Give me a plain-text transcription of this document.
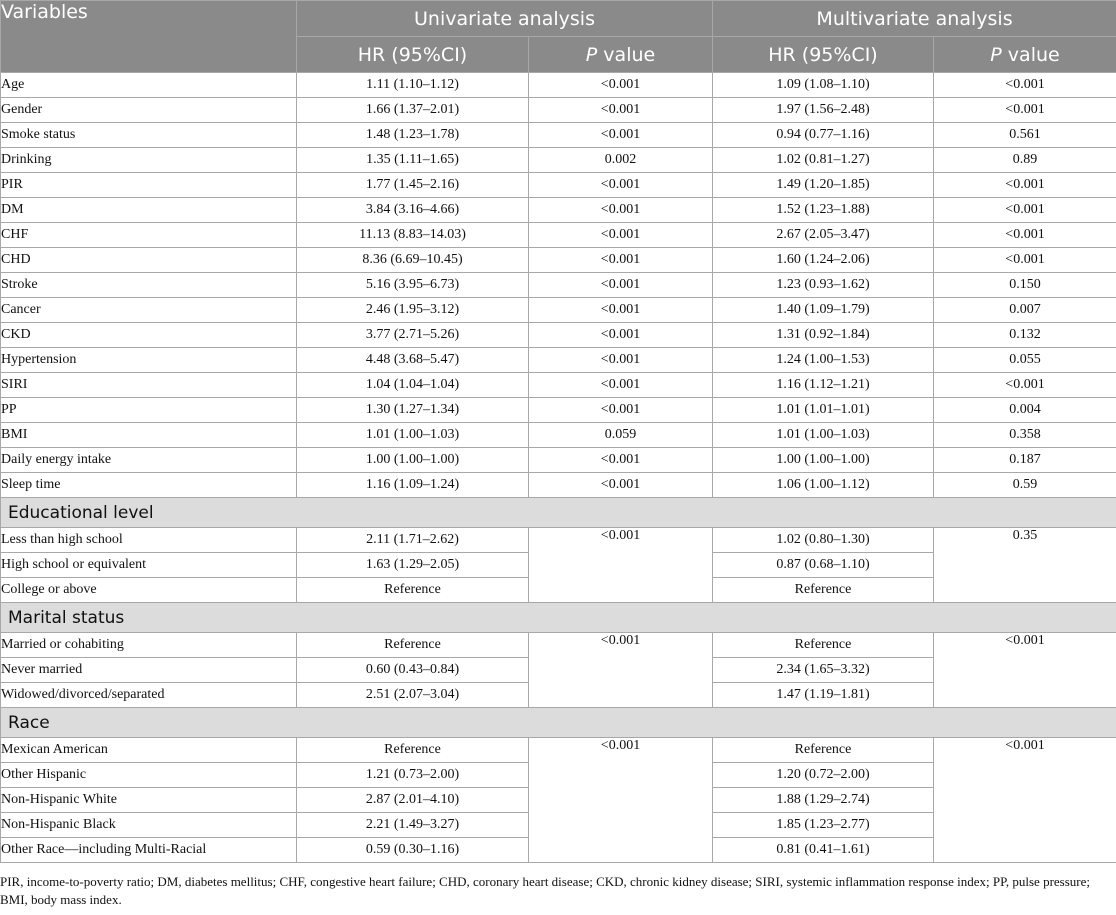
Variables	Univariate analysis		Multivariate analysis	
	HR (95%CI)	P value	HR (95%CI)	P value
Age	1.11 (1.10–1.12)	<0.001	1.09 (1.08–1.10)	<0.001
Gender	1.66 (1.37–2.01)	<0.001	1.97 (1.56–2.48)	<0.001
Smoke status	1.48 (1.23–1.78)	<0.001	0.94 (0.77–1.16)	0.561
Drinking	1.35 (1.11–1.65)	0.002	1.02 (0.81–1.27)	0.89
PIR	1.77 (1.45–2.16)	<0.001	1.49 (1.20–1.85)	<0.001
DM	3.84 (3.16–4.66)	<0.001	1.52 (1.23–1.88)	<0.001
CHF	11.13 (8.83–14.03)	<0.001	2.67 (2.05–3.47)	<0.001
CHD	8.36 (6.69–10.45)	<0.001	1.60 (1.24–2.06)	<0.001
Stroke	5.16 (3.95–6.73)	<0.001	1.23 (0.93–1.62)	0.150
Cancer	2.46 (1.95–3.12)	<0.001	1.40 (1.09–1.79)	0.007
CKD	3.77 (2.71–5.26)	<0.001	1.31 (0.92–1.84)	0.132
Hypertension	4.48 (3.68–5.47)	<0.001	1.24 (1.00–1.53)	0.055
SIRI	1.04 (1.04–1.04)	<0.001	1.16 (1.12–1.21)	<0.001
PP	1.30 (1.27–1.34)	<0.001	1.01 (1.01–1.01)	0.004
BMI	1.01 (1.00–1.03)	0.059	1.01 (1.00–1.03)	0.358
Daily energy intake	1.00 (1.00–1.00)	<0.001	1.00 (1.00–1.00)	0.187
Sleep time	1.16 (1.09–1.24)	<0.001	1.06 (1.00–1.12)	0.59
Educational level				
Less than high school	2.11 (1.71–2.62)	<0.001	1.02 (0.80–1.30)	0.35
High school or equivalent	1.63 (1.29–2.05)		0.87 (0.68–1.10)	
College or above	Reference		Reference	
Marital status				
Married or cohabiting	Reference	<0.001	Reference	<0.001
Never married	0.60 (0.43–0.84)		2.34 (1.65–3.32)	
Widowed/divorced/separated	2.51 (2.07–3.04)		1.47 (1.19–1.81)	
Race				
Mexican American	Reference	<0.001	Reference	<0.001
Other Hispanic	1.21 (0.73–2.00)		1.20 (0.72–2.00)	
Non-Hispanic White	2.87 (2.01–4.10)		1.88 (1.29–2.74)	
Non-Hispanic Black	2.21 (1.49–3.27)		1.85 (1.23–2.77)	
Other Race—including Multi-Racial	0.59 (0.30–1.16)		0.81 (0.41–1.61)	
PIR, income-to-poverty ratio; DM, diabetes mellitus; CHF, congestive heart failure; CHD, coronary heart disease; CKD, chronic kidney disease; SIRI, systemic inflammation response index; PP, pulse pressure; BMI, body mass index.
